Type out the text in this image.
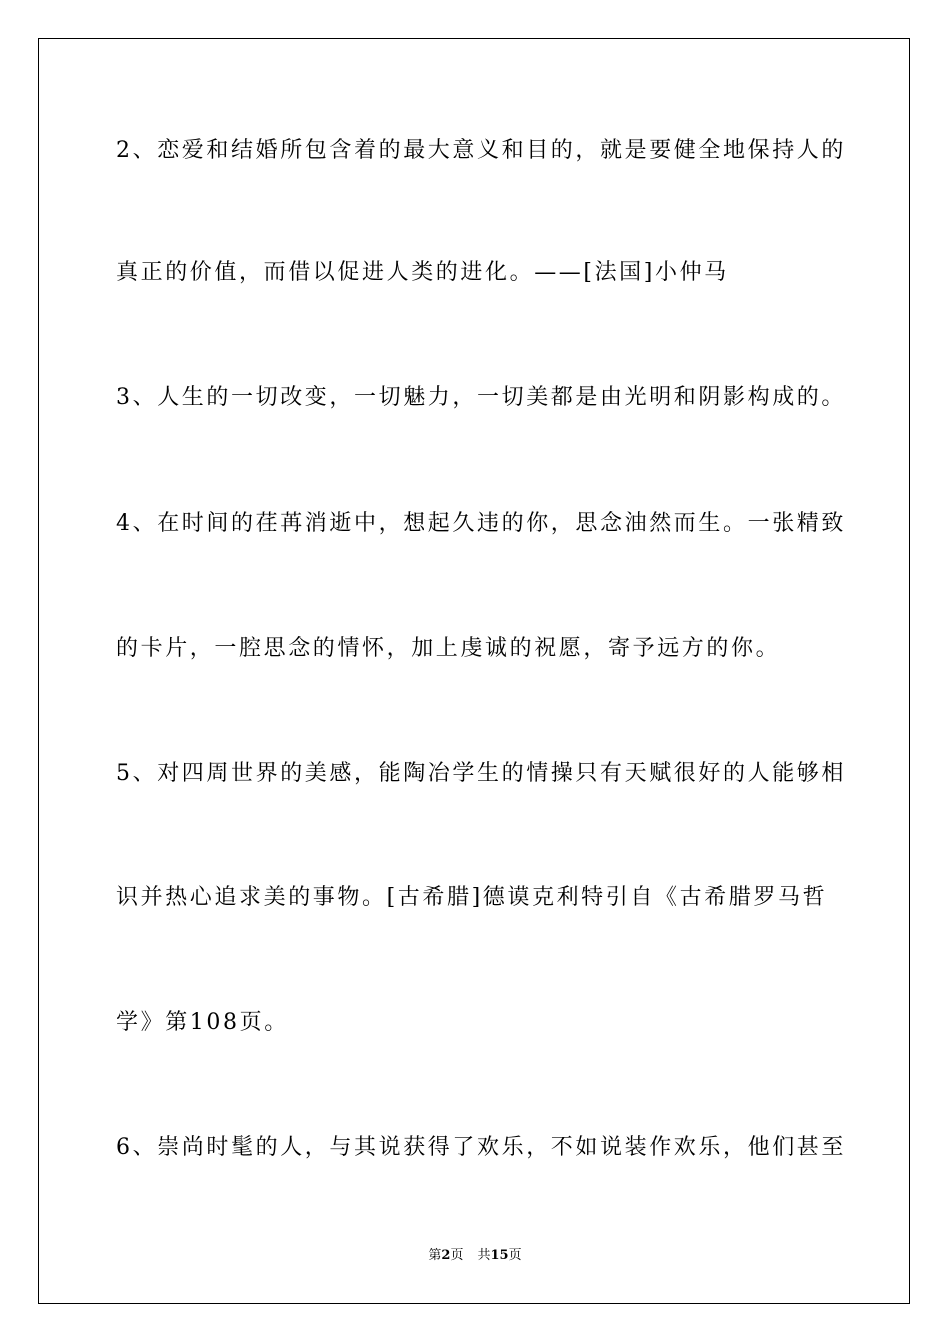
2、恋爱和结婚所包含着的最大意义和目的，就是要健全地保持人的
真正的价值，而借以促进人类的进化。——[法国]小仲马
3、人生的一切改变，一切魅力，一切美都是由光明和阴影构成的。
4、在时间的荏苒消逝中，想起久违的你，思念油然而生。一张精致
的卡片，一腔思念的情怀，加上虔诚的祝愿，寄予远方的你。
5、对四周世界的美感，能陶冶学生的情操只有天赋很好的人能够相
识并热心追求美的事物。[古希腊]德谟克利特引自《古希腊罗马哲
学》第108页。
6、崇尚时髦的人，与其说获得了欢乐，不如说装作欢乐，他们甚至
第2页 共15页
